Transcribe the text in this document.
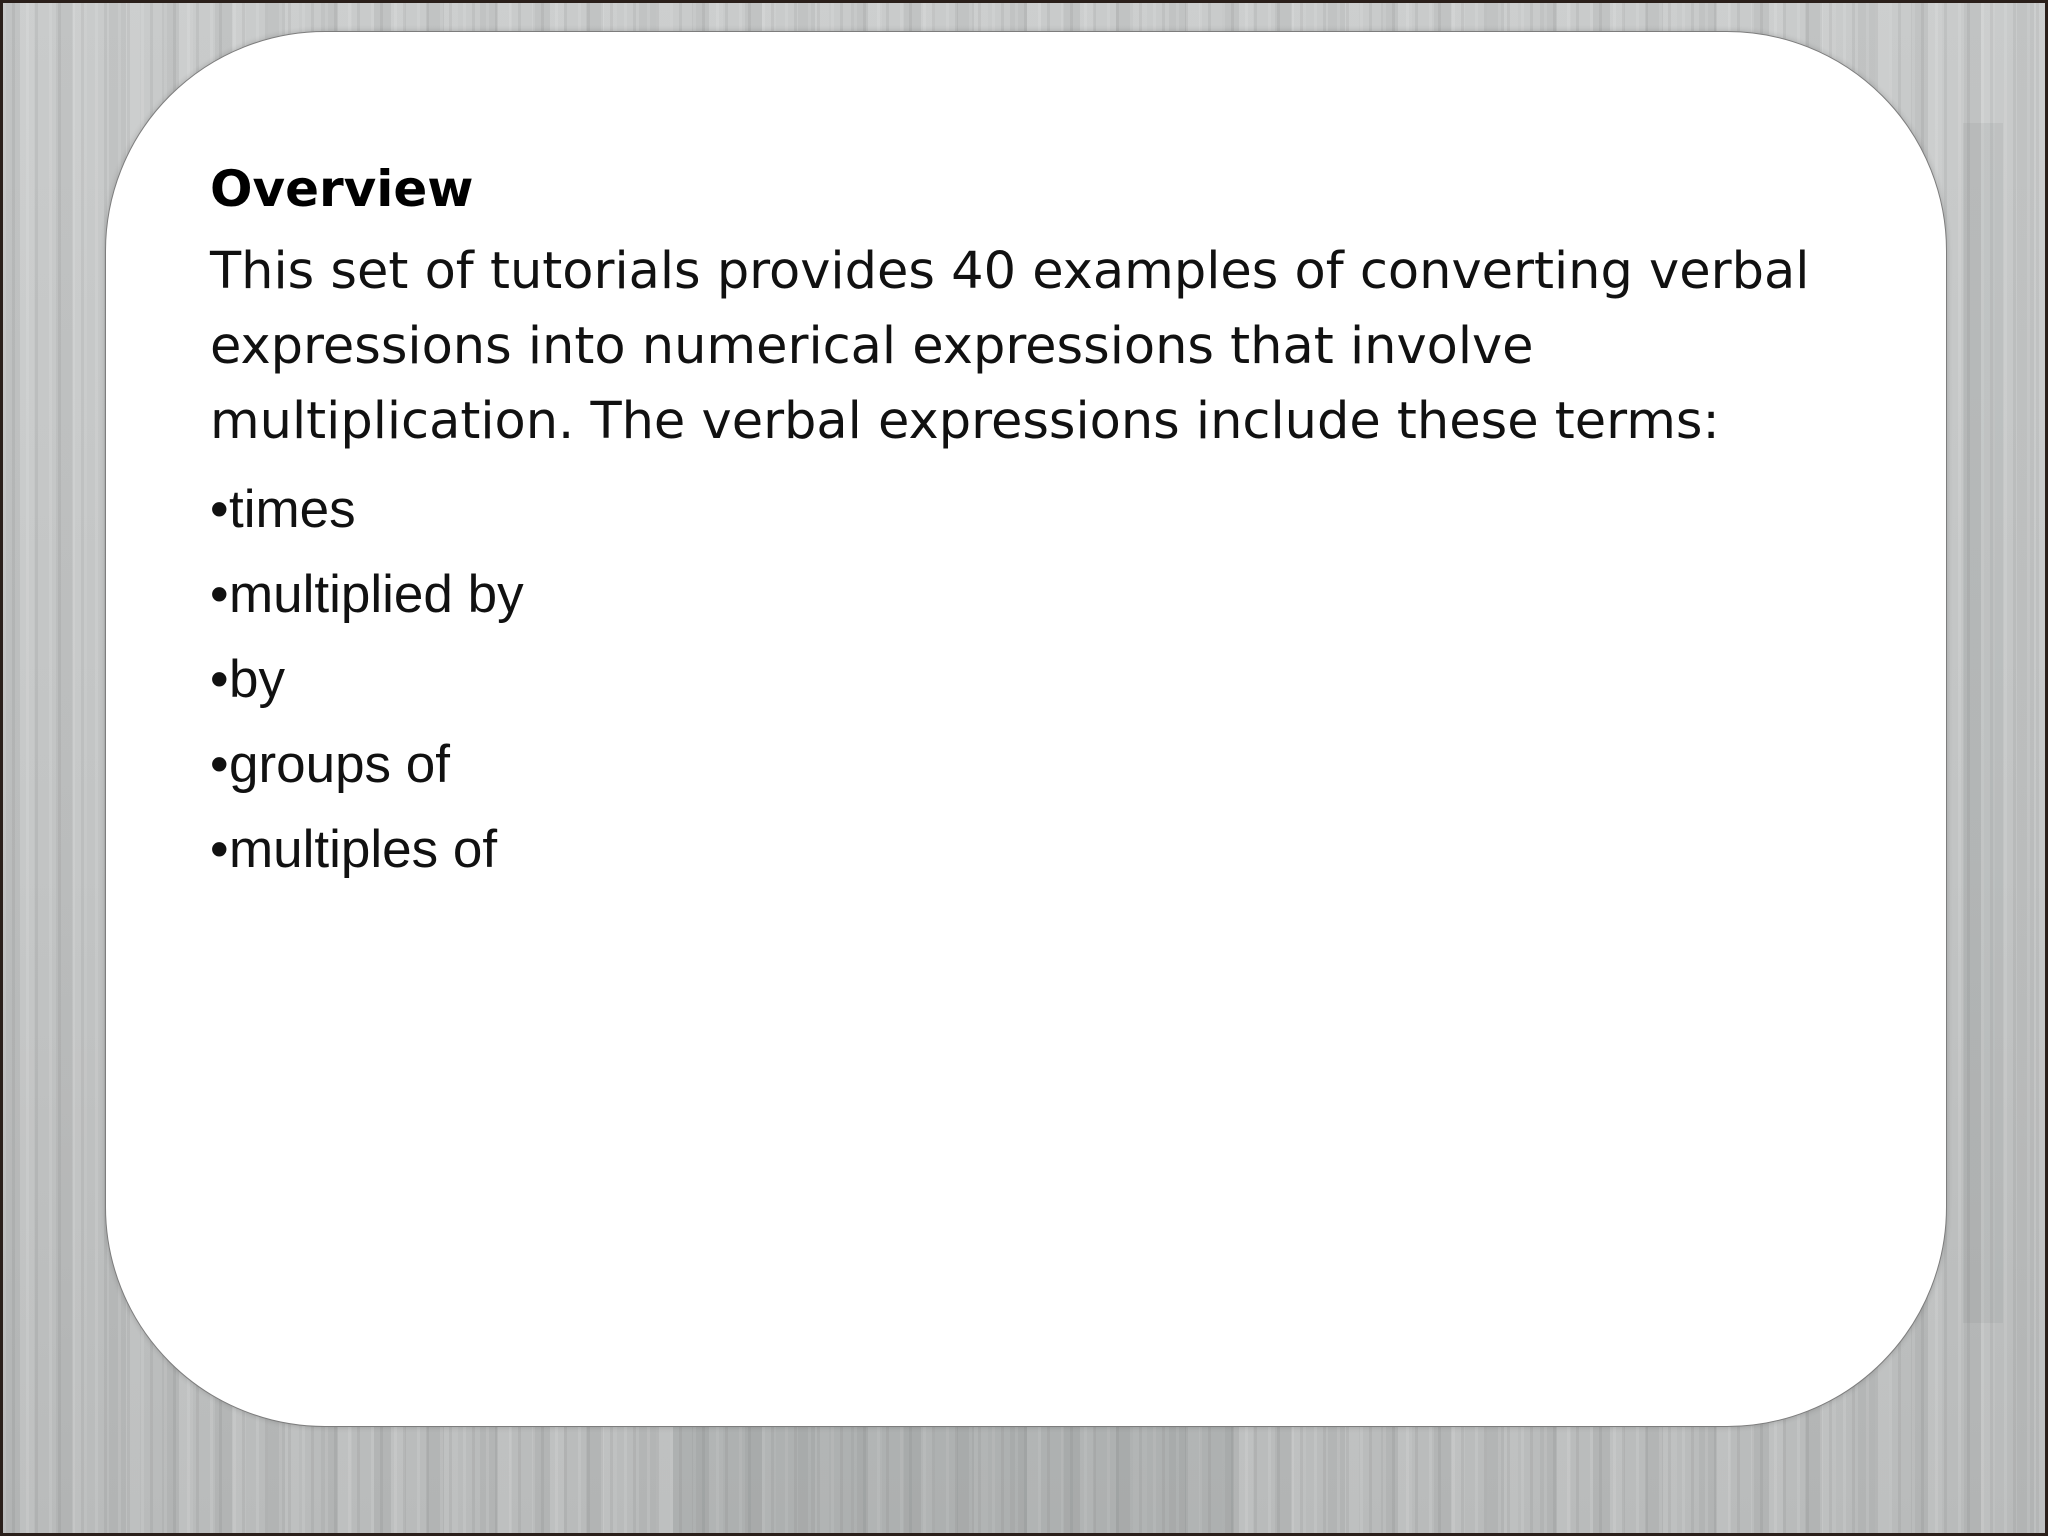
Overview
This set of tutorials provides 40 examples of converting verbal expressions into numerical expressions that involve multiplication. The verbal expressions include these terms:
•times
•multiplied by
•by
•groups of
•multiples of
